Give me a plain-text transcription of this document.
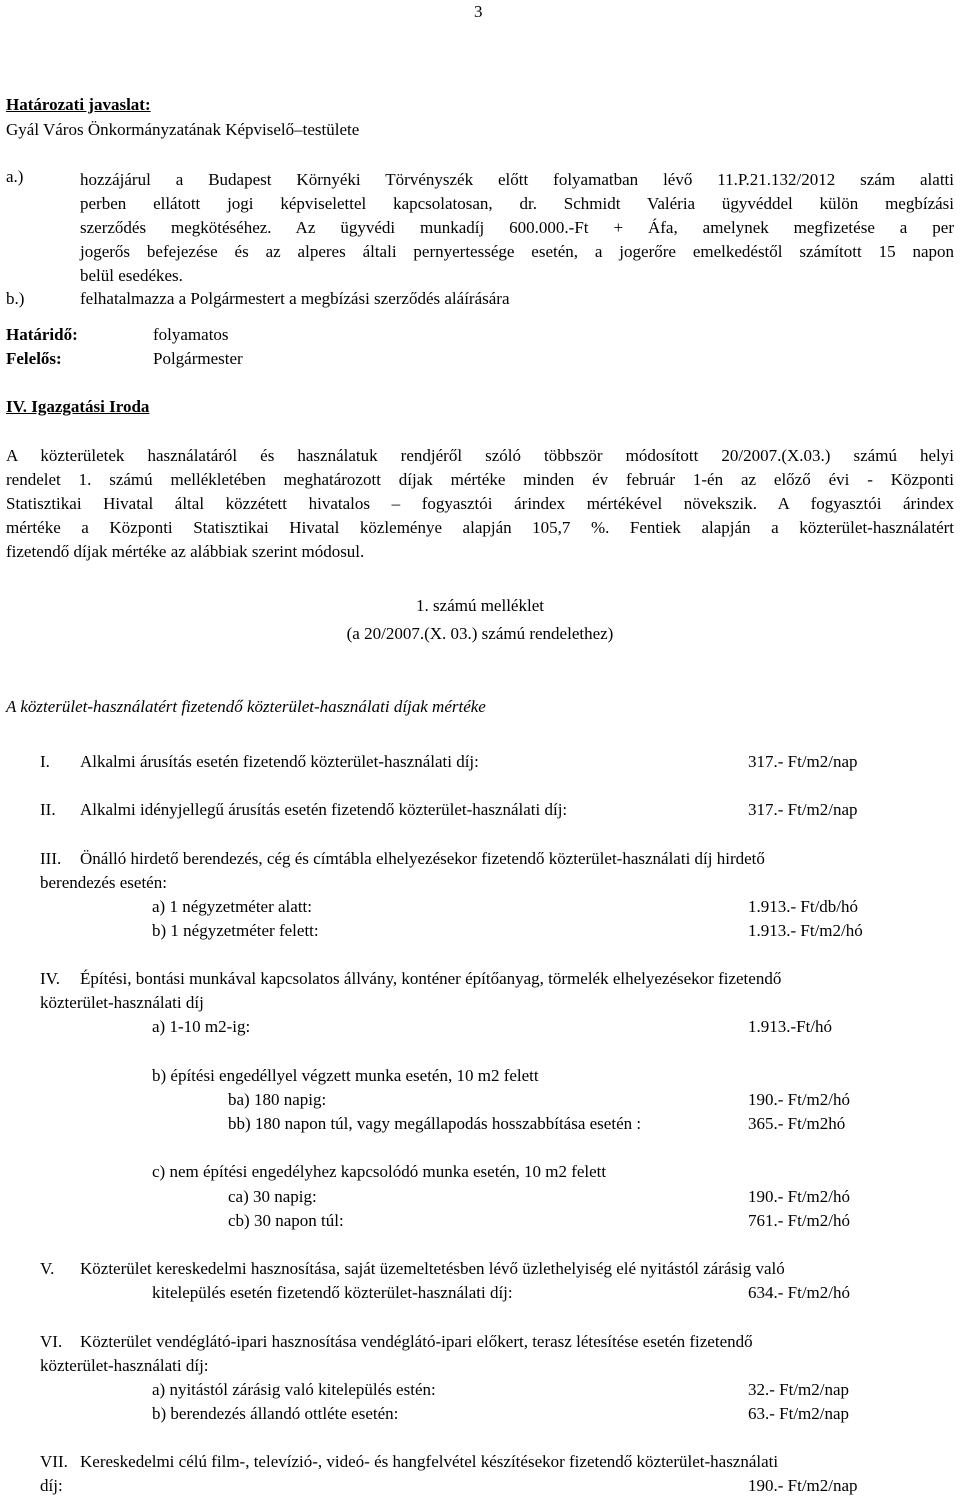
3
Határozati javaslat:
Gyál Város Önkormányzatának Képviselő–testülete
a.)	hozzájárul a Budapest Környéki Törvényszék előtt folyamatban lévő 11.P.21.132/2012 szám alatti
perben ellátott jogi képviselettel kapcsolatosan, dr. Schmidt Valéria ügyvéddel külön megbízási
szerződés megkötéséhez. Az ügyvédi munkadíj 600.000.-Ft + Áfa, amelynek megfizetése a per
jogerős befejezése és az alperes általi pernyertessége esetén, a jogerőre emelkedéstől számított 15 napon
belül esedékes.
b.)	felhatalmazza a Polgármestert a megbízási szerződés aláírására
Határidő:	folyamatos
Felelős:	Polgármester
IV. Igazgatási Iroda
A közterületek használatáról és használatuk rendjéről szóló többször módosított 20/2007.(X.03.) számú helyi
rendelet 1. számú mellékletében meghatározott díjak mértéke minden év február 1-én az előző évi - Központi
Statisztikai Hivatal által közzétett hivatalos – fogyasztói árindex mértékével növekszik. A fogyasztói árindex
mértéke a Központi Statisztikai Hivatal közleménye alapján 105,7 %. Fentiek alapján a közterület-használatért
fizetendő díjak mértéke az alábbiak szerint módosul.
1. számú melléklet
(a 20/2007.(X. 03.) számú rendelethez)
A közterület-használatért fizetendő közterület-használati díjak mértéke
I. Alkalmi árusítás esetén fizetendő közterület-használati díj:	317.- Ft/m2/nap
II. Alkalmi idényjellegű árusítás esetén fizetendő közterület-használati díj:	317.- Ft/m2/nap
III. Önálló hirdető berendezés, cég és címtábla elhelyezésekor fizetendő közterület-használati díj hirdető
berendezés esetén:
a) 1 négyzetméter alatt:	1.913.- Ft/db/hó
b) 1 négyzetméter felett:	1.913.- Ft/m2/hó
IV. Építési, bontási munkával kapcsolatos állvány, konténer építőanyag, törmelék elhelyezésekor fizetendő
közterület-használati díj
a) 1-10 m2-ig:	1.913.-Ft/hó
b) építési engedéllyel végzett munka esetén, 10 m2 felett
ba) 180 napig:	190.- Ft/m2/hó
bb) 180 napon túl, vagy megállapodás hosszabbítása esetén :	365.- Ft/m2hó
c) nem építési engedélyhez kapcsolódó munka esetén, 10 m2 felett
ca) 30 napig:	190.- Ft/m2/hó
cb) 30 napon túl:	761.- Ft/m2/hó
V. Közterület kereskedelmi hasznosítása, saját üzemeltetésben lévő üzlethelyiség elé nyitástól zárásig való
kitelepülés esetén fizetendő közterület-használati díj:	634.- Ft/m2/hó
VI. Közterület vendéglátó-ipari hasznosítása vendéglátó-ipari előkert, terasz létesítése esetén fizetendő
közterület-használati díj:
a) nyitástól zárásig való kitelepülés estén:	32.- Ft/m2/nap
b) berendezés állandó ottléte esetén:	63.- Ft/m2/nap
VII. Kereskedelmi célú film-, televízió-, videó- és hangfelvétel készítésekor fizetendő közterület-használati
díj:	190.- Ft/m2/nap
